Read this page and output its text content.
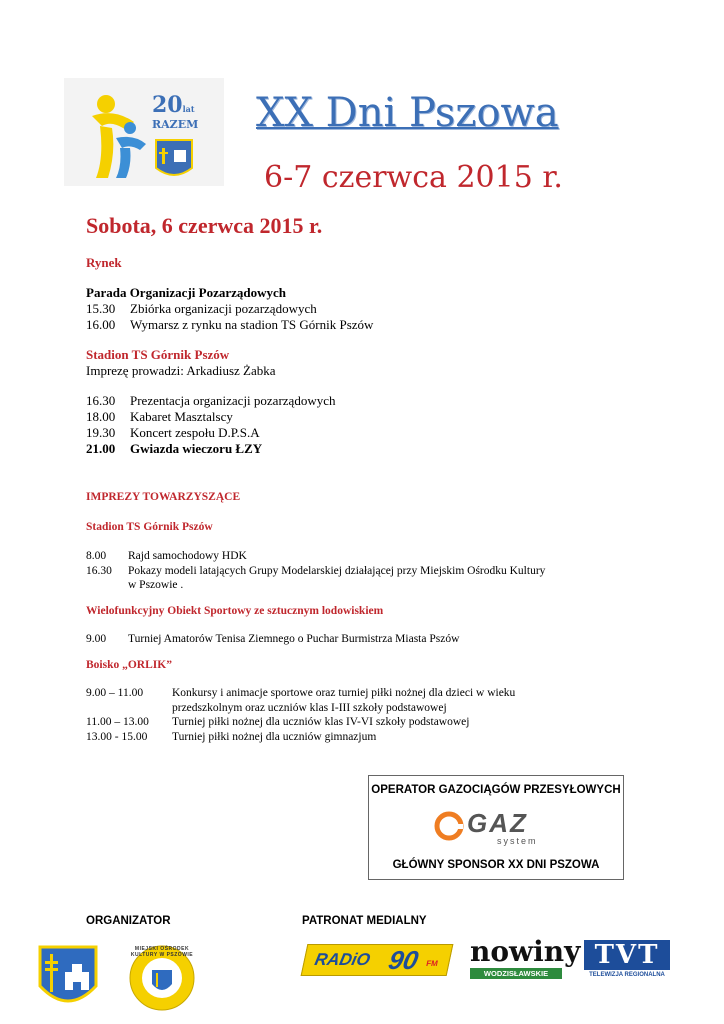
20lat
RAZEM XX Dni Pszowa
6-7 czerwca 2015 r.
Sobota, 6 czerwca 2015 r.
Rynek
Parada Organizacji Pozarządowych
15.30	Zbiórka organizacji pozarządowych
16.00	Wymarsz z rynku na stadion TS Górnik Pszów
Stadion TS Górnik Pszów
Imprezę prowadzi: Arkadiusz Żabka
16.30	Prezentacja organizacji pozarządowych
18.00	Kabaret Masztalscy
19.30	Koncert zespołu D.P.S.A
21.00	Gwiazda wieczoru ŁZY
IMPREZY TOWARZYSZĄCE
Stadion TS Górnik Pszów
8.00	Rajd samochodowy HDK
16.30	Pokazy modeli latających Grupy Modelarskiej działającej przy Miejskim Ośrodku Kultury
w Pszowie .
Wielofunkcyjny Obiekt Sportowy ze sztucznym lodowiskiem
9.00	Turniej Amatorów Tenisa Ziemnego o Puchar Burmistrza Miasta Pszów
Boisko „ORLIK”
9.00 – 11.00	Konkursy i animacje sportowe oraz turniej piłki nożnej dla dzieci w wieku
przedszkolnym oraz uczniów klas I-III szkoły podstawowej
11.00 – 13.00	Turniej piłki nożnej dla uczniów klas IV-VI szkoły podstawowej
13.00 - 15.00	Turniej piłki nożnej dla uczniów gimnazjum
OPERATOR GAZOCIĄGÓW PRZESYŁOWYCH
GAZ
system
GŁÓWNY SPONSOR XX DNI PSZOWA
ORGANIZATOR	PATRONAT MEDIALNY
MIEJSKI OŚRODEK KULTURY W PSZOWIE	RADiO 90 FM nowiny
WODZISŁAWSKIE
TVT
TELEWIZJA REGIONALNA
